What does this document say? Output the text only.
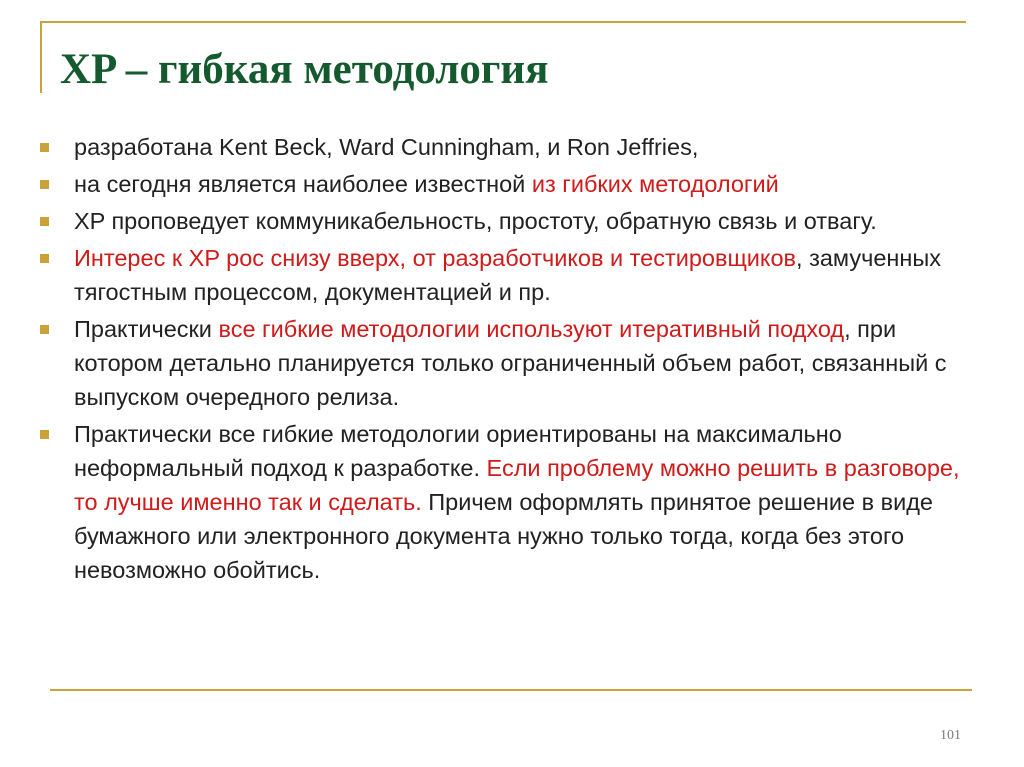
XP – гибкая методология
разработана Kent Beck, Ward Cunningham, и Ron Jeffries,
на сегодня является наиболее известной из гибких методологий
XP проповедует коммуникабельность, простоту, обратную связь и отвагу.
Интерес к XP рос снизу вверх, от разработчиков и тестировщиков, замученных тягостным процессом, документацией и пр.
Практически все гибкие методологии используют итеративный подход, при котором детально планируется только ограниченный объем работ, связанный с выпуском очередного релиза.
Практически все гибкие методологии ориентированы на максимально неформальный подход к разработке. Если проблему можно решить в разговоре, то лучше именно так и сделать. Причем оформлять принятое решение в виде бумажного или электронного документа нужно только тогда, когда без этого невозможно обойтись.
101
